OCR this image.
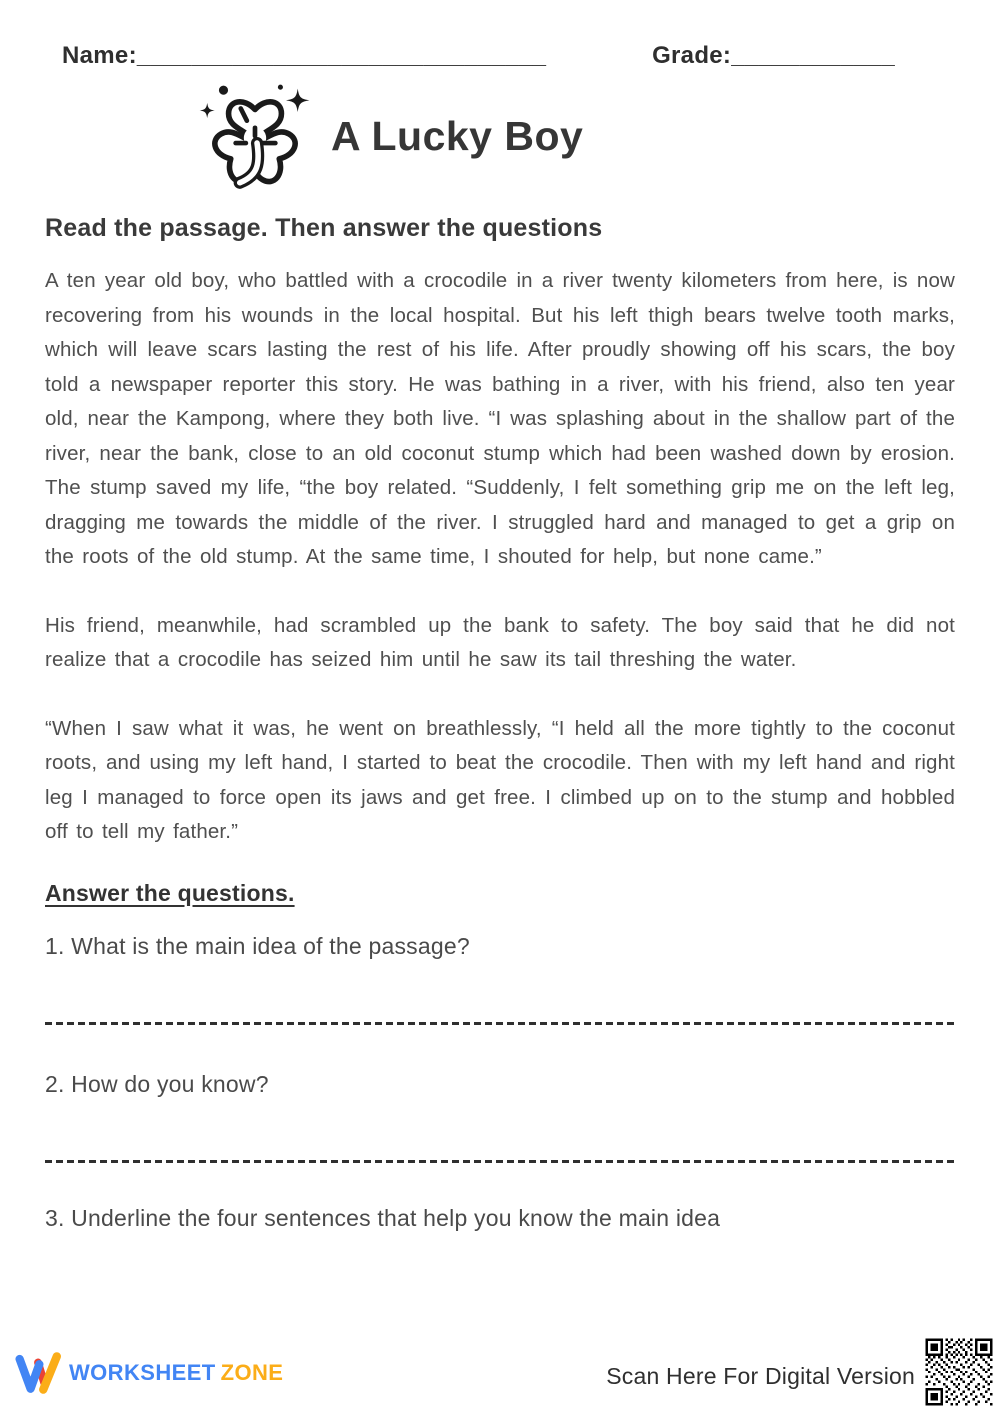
Name:______________________________	Grade:____________
A Lucky Boy
Read the passage. Then answer the questions

A ten year old boy, who battled with a crocodile in a river twenty kilometers from here, is now recovering from his wounds in the local hospital. But his left thigh bears twelve tooth marks, which will leave scars lasting the rest of his life. After proudly showing off his scars, the boy told a newspaper reporter this story. He was bathing in a river, with his friend, also ten year old, near the Kampong, where they both live. “I was splashing about in the shallow part of the river, near the bank, close to an old coconut stump which had been washed down by erosion. The stump saved my life, “the boy related. “Suddenly, I felt something grip me on the left leg, dragging me towards the middle of the river. I struggled hard and managed to get a grip on the roots of the old stump. At the same time, I shouted for help, but none came.”

His friend, meanwhile, had scrambled up the bank to safety. The boy said that he did not realize that a crocodile has seized him until he saw its tail threshing the water.

“When I saw what it was, he went on breathlessly, “I held all the more tightly to the coconut roots, and using my left hand, I started to beat the crocodile. Then with my left hand and right leg I managed to force open its jaws and get free. I climbed up on to the stump and hobbled off to tell my father.”

Answer the questions.

1. What is the main idea of the passage?

2. How do you know?

3. Underline the four sentences that help you know the main idea

WORKSHEET ZONE	Scan Here For Digital Version
